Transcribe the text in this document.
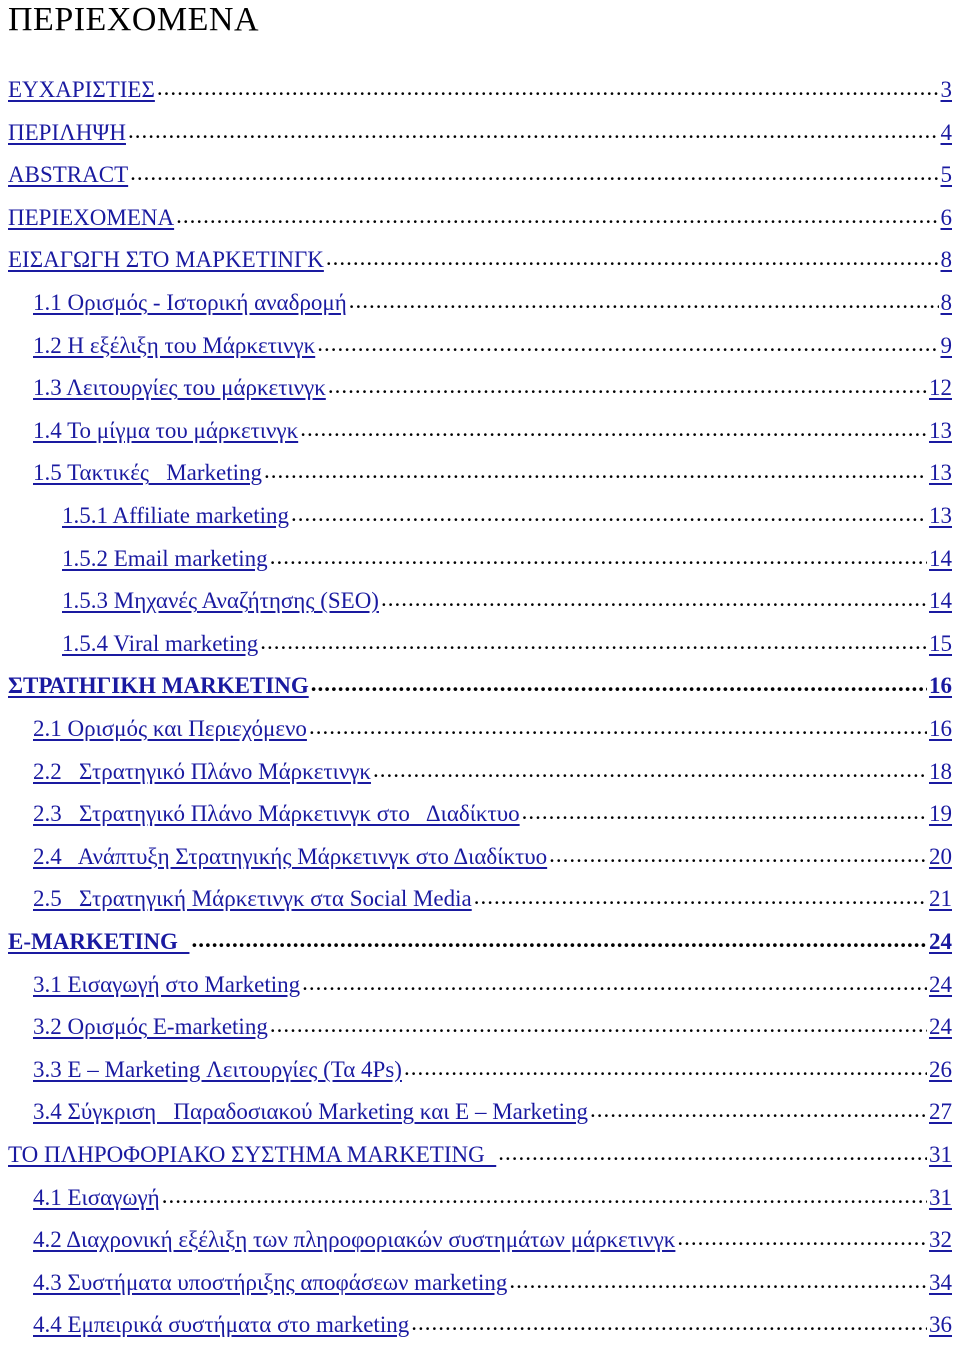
ΠΕΡΙΕΧΟΜΕΝΑ
ΕΥΧΑΡΙΣΤΙΕΣ .....	3
ΠΕΡΙΛΗΨΗ .....	4
ABSTRACT .....	5
ΠΕΡΙΕΧΟΜΕΝΑ .....	6
ΕΙΣΑΓΩΓΗ ΣΤΟ ΜΑΡΚΕΤΙΝΓΚ .....	8
1.1 Ορισμός - Ιστορική αναδρομή .....	8
1.2 Η εξέλιξη του Μάρκετινγκ .....	9
1.3 Λειτουργίες του μάρκετινγκ .....	12
1.4 Το μίγμα του μάρκετινγκ .....	13
1.5 Τακτικές   Marketing .....	13
1.5.1 Affiliate marketing .....	13
1.5.2 Email marketing .....	14
1.5.3 Μηχανές Αναζήτησης (SEO) .....	14
1.5.4 Viral marketing .....	15
ΣΤΡΑΤΗΓΙΚΗ MARKETING .....	16
2.1 Ορισμός και Περιεχόμενο .....	16
2.2   Στρατηγικό Πλάνο Μάρκετινγκ .....	18
2.3   Στρατηγικό Πλάνο Μάρκετινγκ στο   Διαδίκτυο .....	19
2.4   Ανάπτυξη Στρατηγικής Μάρκετινγκ στο Διαδίκτυο .....	20
2.5   Στρατηγική Μάρκετινγκ στα Social Media .....	21
E-MARKETING .....	24
3.1 Εισαγωγή στο Marketing .....	24
3.2 Ορισμός E-marketing .....	24
3.3 E – Marketing Λειτουργίες (Τα 4Ps) .....	26
3.4 Σύγκριση   Παραδοσιακού Marketing και E – Marketing .....	27
ΤΟ ΠΛΗΡΟΦΟΡΙΑΚΟ ΣΥΣΤΗΜΑ MARKETING .....	31
4.1 Εισαγωγή .....	31
4.2 Διαχρονική εξέλιξη των πληροφοριακών συστημάτων μάρκετινγκ .....	32
4.3 Συστήματα υποστήριξης αποφάσεων marketing .....	34
4.4 Εμπειρικά συστήματα στο marketing .....	36
